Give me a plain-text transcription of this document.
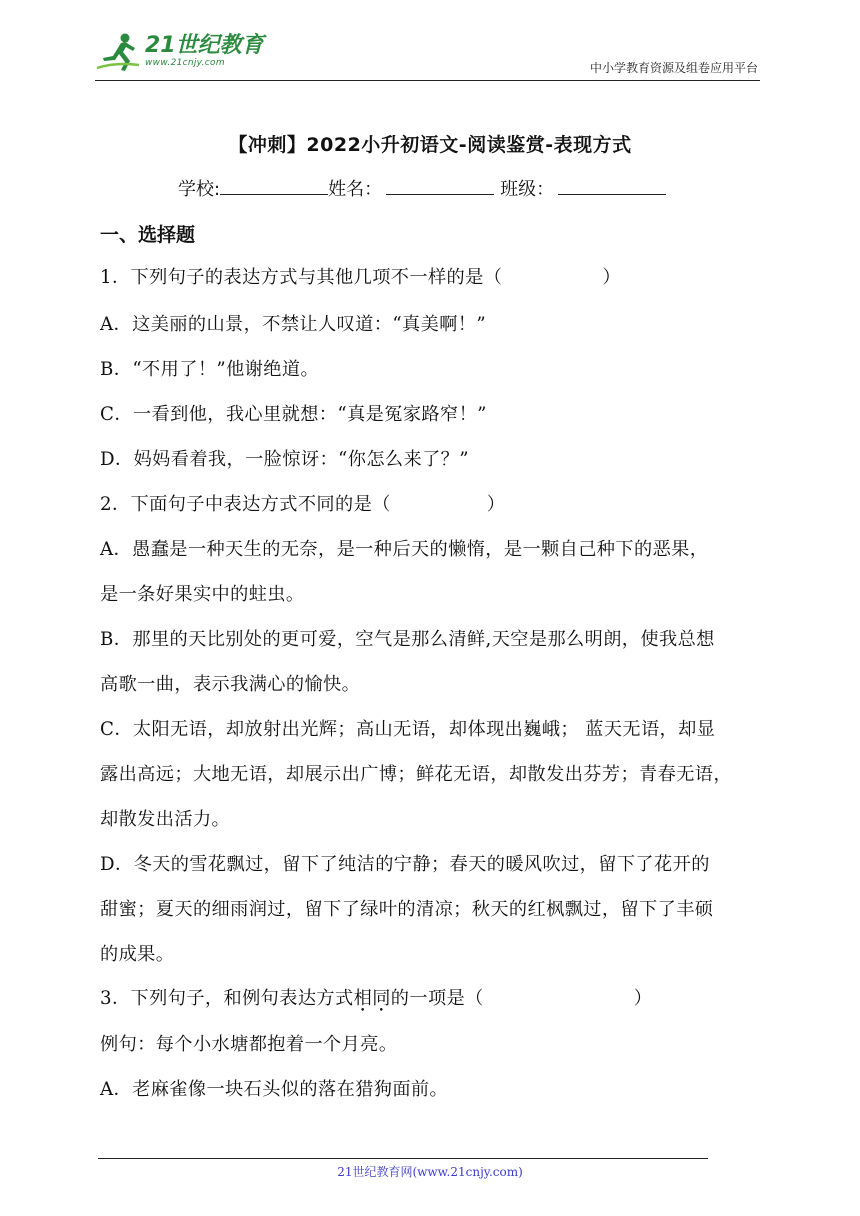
21世纪教育
www.21cnjy.com	中小学教育资源及组卷应用平台
【冲刺】2022小升初语文-阅读鉴赏-表现方式
学校:	姓名：	班级：
一、选择题
1．下列句子的表达方式与其他几项不一样的是（	）
A．这美丽的山景，不禁让人叹道：“真美啊！”
B．“不用了！”他谢绝道。
C．一看到他，我心里就想：“真是冤家路窄！”
D．妈妈看着我，一脸惊讶：“你怎么来了？”
2．下面句子中表达方式不同的是（	）
A．愚蠢是一种天生的无奈，是一种后天的懒惰，是一颗自己种下的恶果，
是一条好果实中的蛀虫。
B．那里的天比别处的更可爱，空气是那么清鲜,天空是那么明朗，使我总想
高歌一曲，表示我满心的愉快。
C．太阳无语，却放射出光辉；高山无语，却体现出巍峨； 蓝天无语，却显
露出高远；大地无语，却展示出广博；鲜花无语，却散发出芬芳；青春无语，
却散发出活力。
D．冬天的雪花飘过，留下了纯洁的宁静；春天的暖风吹过，留下了花开的
甜蜜；夏天的细雨润过，留下了绿叶的清凉；秋天的红枫飘过，留下了丰硕
的成果。
3．下列句子，和例句表达方式相同的一项是（	）
例句：每个小水塘都抱着一个月亮。
A．老麻雀像一块石头似的落在猎狗面前。
21世纪教育网(www.21cnjy.com)
